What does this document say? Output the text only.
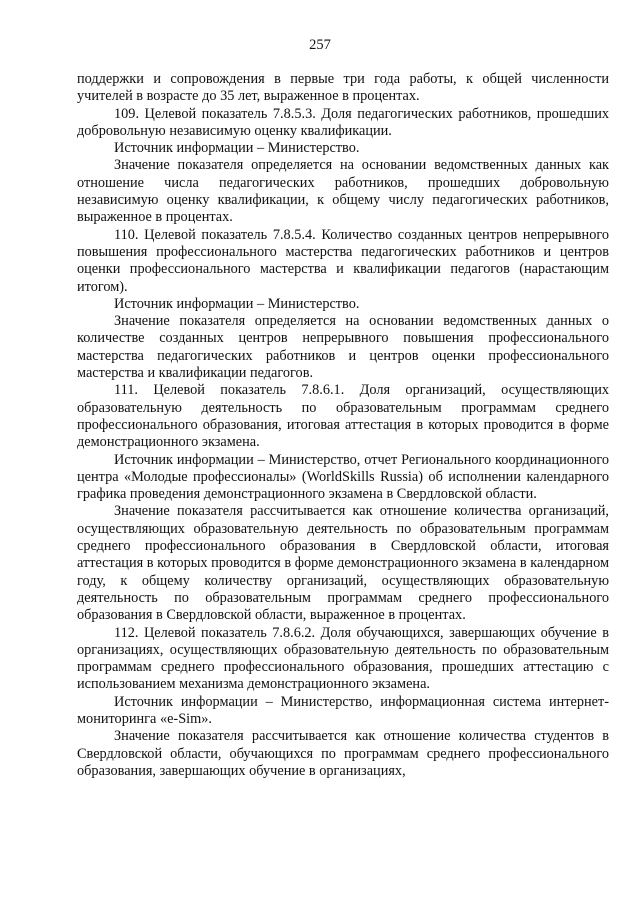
257

поддержки и сопровождения в первые три года работы, к общей численности учителей в возрасте до 35 лет, выраженное в процентах.

109. Целевой показатель 7.8.5.3. Доля педагогических работников, прошедших добровольную независимую оценку квалификации.

Источник информации – Министерство.

Значение показателя определяется на основании ведомственных данных как отношение числа педагогических работников, прошедших добровольную независимую оценку квалификации, к общему числу педагогических работников, выраженное в процентах.

110. Целевой показатель 7.8.5.4. Количество созданных центров непрерывного повышения профессионального мастерства педагогических работников и центров оценки профессионального мастерства и квалификации педагогов (нарастающим итогом).

Источник информации – Министерство.

Значение показателя определяется на основании ведомственных данных о количестве созданных центров непрерывного повышения профессионального мастерства педагогических работников и центров оценки профессионального мастерства и квалификации педагогов.

111. Целевой показатель 7.8.6.1. Доля организаций, осуществляющих образовательную деятельность по образовательным программам среднего профессионального образования, итоговая аттестация в которых проводится в форме демонстрационного экзамена.

Источник информации – Министерство, отчет Регионального координационного центра «Молодые профессионалы» (WorldSkills Russia) об исполнении календарного графика проведения демонстрационного экзамена в Свердловской области.

Значение показателя рассчитывается как отношение количества организаций, осуществляющих образовательную деятельность по образовательным программам среднего профессионального образования в Свердловской области, итоговая аттестация в которых проводится в форме демонстрационного экзамена в календарном году, к общему количеству организаций, осуществляющих образовательную деятельность по образовательным программам среднего профессионального образования в Свердловской области, выраженное в процентах.

112. Целевой показатель 7.8.6.2. Доля обучающихся, завершающих обучение в организациях, осуществляющих образовательную деятельность по образовательным программам среднего профессионального образования, прошедших аттестацию с использованием механизма демонстрационного экзамена.

Источник информации – Министерство, информационная система интернет-мониторинга «e-Sim».

Значение показателя рассчитывается как отношение количества студентов в Свердловской области, обучающихся по программам среднего профессионального образования, завершающих обучение в организациях,
